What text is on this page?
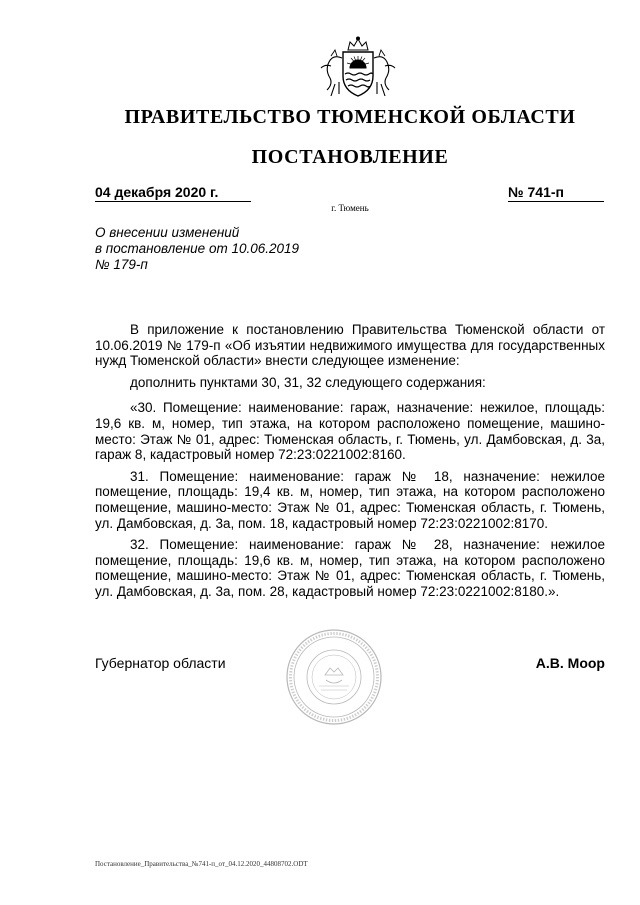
ПРАВИТЕЛЬСТВО ТЮМЕНСКОЙ ОБЛАСТИ
ПОСТАНОВЛЕНИЕ
04 декабря 2020 г.	№ 741-п
г. Тюмень
О внесении изменений
в постановление от 10.06.2019
№ 179-п

В приложение к постановлению Правительства Тюменской области от 10.06.2019 № 179-п «Об изъятии недвижимого имущества для государственных нужд Тюменской области» внести следующее изменение:

дополнить пунктами 30, 31, 32 следующего содержания:

«30. Помещение: наименование: гараж, назначение: нежилое, площадь: 19,6 кв. м, номер, тип этажа, на котором расположено помещение, машино-место: Этаж № 01, адрес: Тюменская область, г. Тюмень, ул. Дамбовская, д. 3а, гараж 8, кадастровый номер 72:23:0221002:8160.

31. Помещение: наименование: гараж № 18, назначение: нежилое помещение, площадь: 19,4 кв. м, номер, тип этажа, на котором расположено помещение, машино-место: Этаж № 01, адрес: Тюменская область, г. Тюмень, ул. Дамбовская, д. 3а, пом. 18, кадастровый номер 72:23:0221002:8170.

32. Помещение: наименование: гараж № 28, назначение: нежилое помещение, площадь: 19,6 кв. м, номер, тип этажа, на котором расположено помещение, машино-место: Этаж № 01, адрес: Тюменская область, г. Тюмень, ул. Дамбовская, д. 3а, пом. 28, кадастровый номер 72:23:0221002:8180.».

Губернатор области	А.В. Моор
Постановление_Правительства_№741-п_от_04.12.2020_44808702.ODT
